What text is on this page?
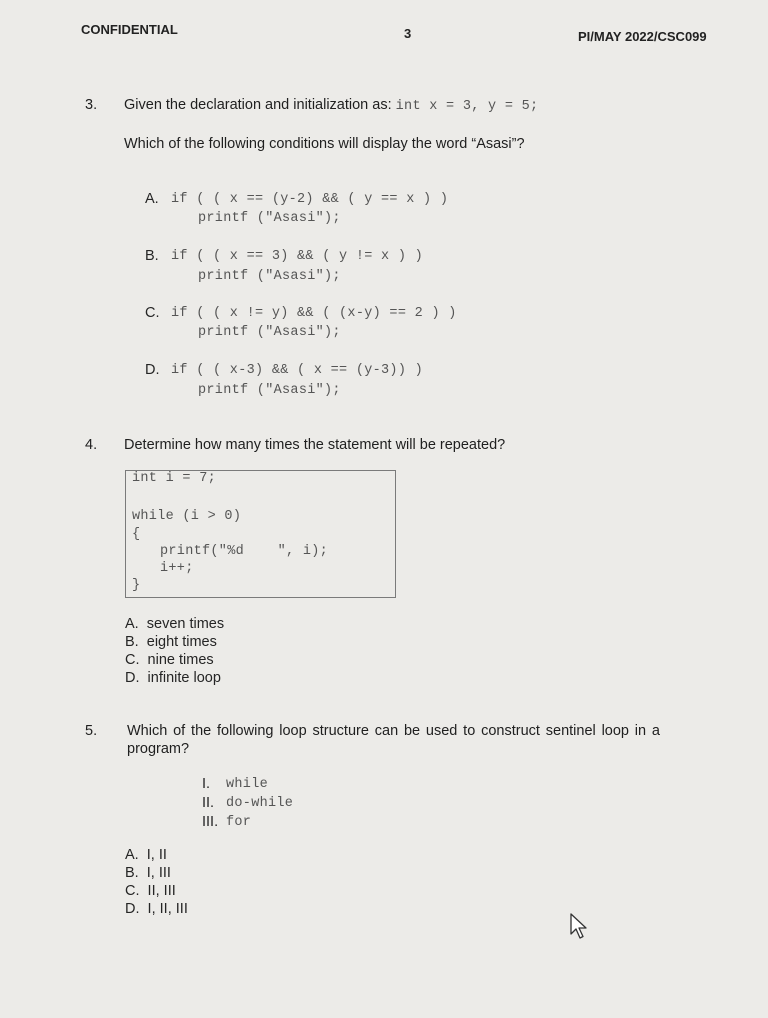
CONFIDENTIAL	3	PI/MAY 2022/CSC099
3. Given the declaration and initialization as: int x = 3, y = 5;
Which of the following conditions will display the word “Asasi”?
A. if ( ( x == (y-2) && ( y == x ) )
printf ("Asasi");
B. if ( ( x == 3) && ( y != x ) )
printf ("Asasi");
C. if ( ( x != y) && ( (x-y) == 2 ) )
printf ("Asasi");
D. if ( ( x-3) && ( x == (y-3)) )
printf ("Asasi");
4. Determine how many times the statement will be repeated?
int i = 7;
while (i > 0)
{
printf("%d    ", i);
i++;
}
A.  seven times
B.  eight times
C.  nine times
D.  infinite loop
5. Which of the following loop structure can be used to construct sentinel loop in a
program?
I. while
II. do-while
III. for
A.  I, II
B.  I, III
C.  II, III
D.  I, II, III
